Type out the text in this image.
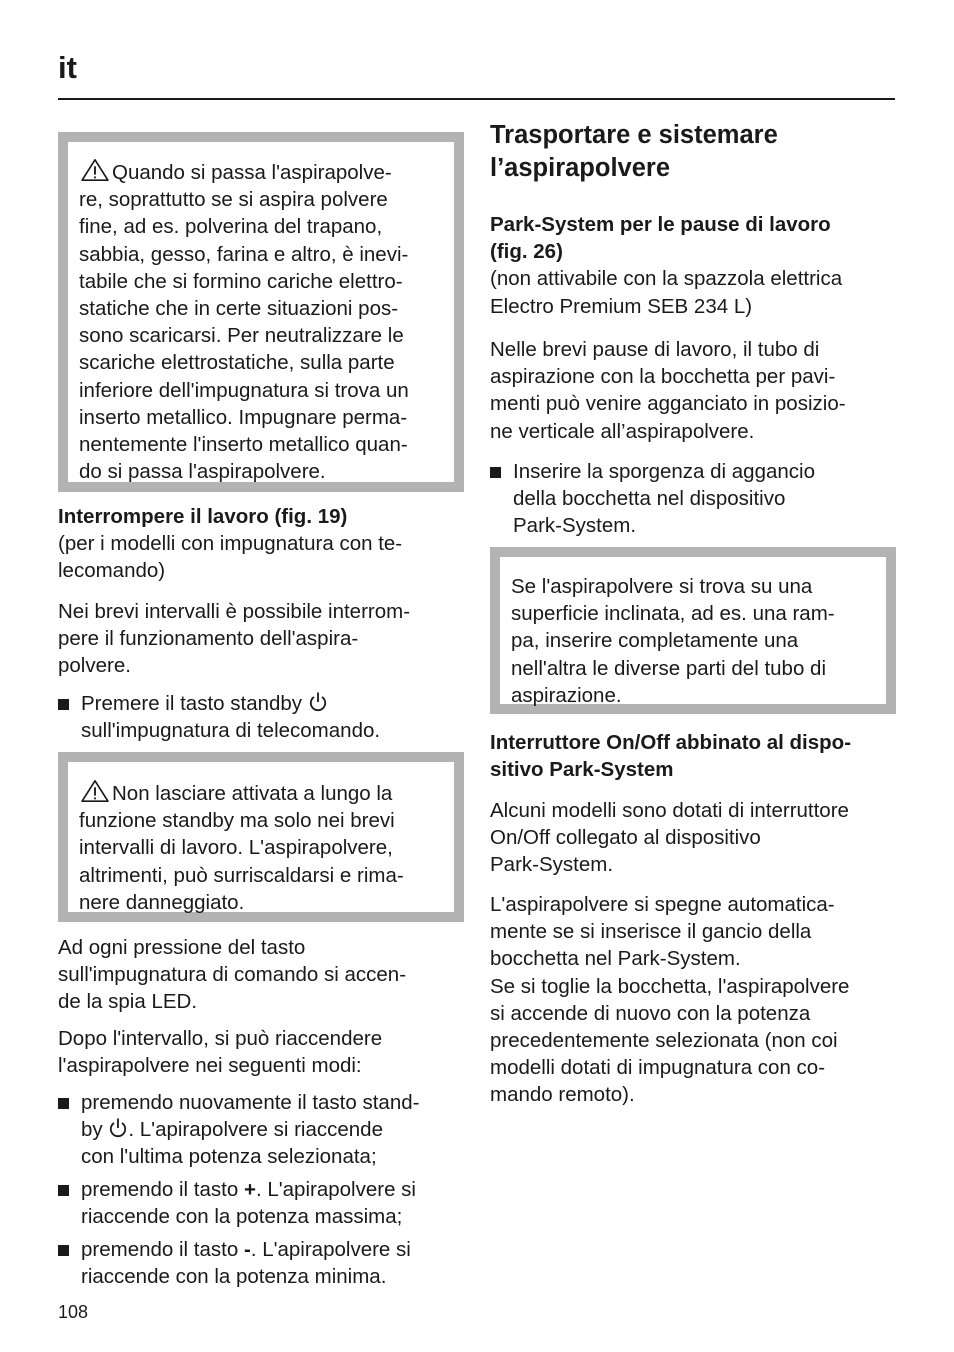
it
Quando si passa l'aspirapolve-
re, soprattutto se si aspira polvere
fine, ad es. polverina del trapano,
sabbia, gesso, farina e altro, è inevi-
tabile che si formino cariche elettro-
statiche che in certe situazioni pos-
sono scaricarsi. Per neutralizzare le
scariche elettrostatiche, sulla parte
inferiore dell'impugnatura si trova un
inserto metallico. Impugnare perma-
nentemente l'inserto metallico quan-
do si passa l'aspirapolvere.

Interrompere il lavoro (fig. 19)

(per i modelli con impugnatura con te-
lecomando)

Nei brevi intervalli è possibile interrom-
pere il funzionamento dell'aspira-
polvere.

Premere il tasto standby
sull'impugnatura di telecomando.

Non lasciare attivata a lungo la
funzione standby ma solo nei brevi
intervalli di lavoro. L'aspirapolvere,
altrimenti, può surriscaldarsi e rima-
nere danneggiato.

Ad ogni pressione del tasto
sull'impugnatura di comando si accen-
de la spia LED.

Dopo l'intervallo, si può riaccendere
l'aspirapolvere nei seguenti modi:

premendo nuovamente il tasto stand-
by . L'apirapolvere si riaccende
con l'ultima potenza selezionata;

premendo il tasto +. L'apirapolvere si
riaccende con la potenza massima;

premendo il tasto -. L'apirapolvere si
riaccende con la potenza minima.

Trasportare e sistemare
l’aspirapolvere

Park-System per le pause di lavoro
(fig. 26)

(non attivabile con la spazzola elettrica
Electro Premium SEB 234 L)

Nelle brevi pause di lavoro, il tubo di
aspirazione con la bocchetta per pavi-
menti può venire agganciato in posizio-
ne verticale all’aspirapolvere.

Inserire la sporgenza di aggancio
della bocchetta nel dispositivo
Park-System.

Se l'aspirapolvere si trova su una
superficie inclinata, ad es. una ram-
pa, inserire completamente una
nell'altra le diverse parti del tubo di
aspirazione.

Interruttore On/Off abbinato al dispo-
sitivo Park-System

Alcuni modelli sono dotati di interruttore
On/Off collegato al dispositivo
Park-System.

L'aspirapolvere si spegne automatica-
mente se si inserisce il gancio della
bocchetta nel Park-System.
Se si toglie la bocchetta, l'aspirapolvere
si accende di nuovo con la potenza
precedentemente selezionata (non coi
modelli dotati di impugnatura con co-
mando remoto).

108
